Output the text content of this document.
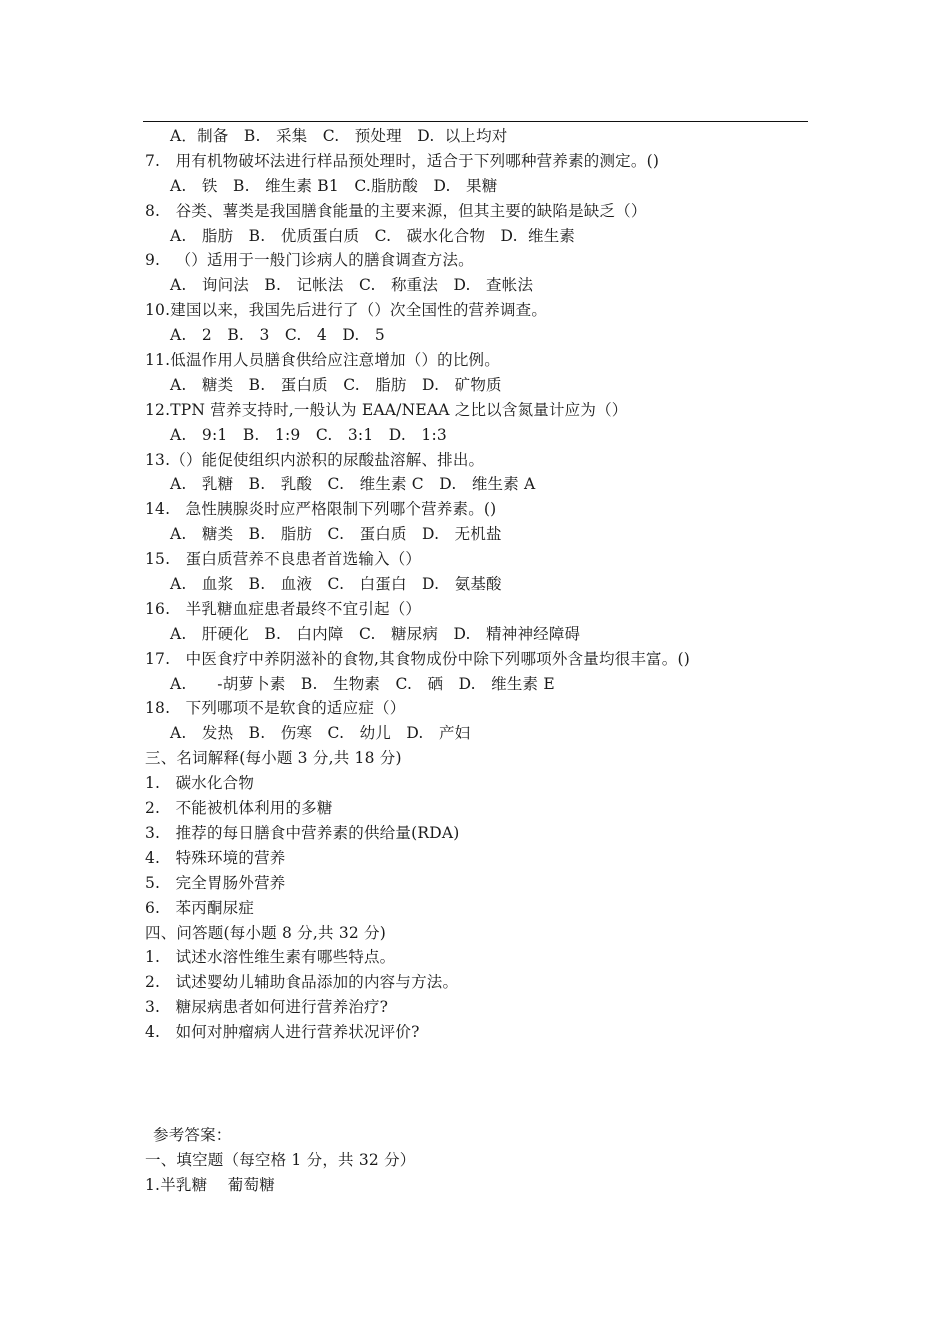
A．制备   B.   采集   C.   预处理   D.  以上均对
7.   用有机物破坏法进行样品预处理时，适合于下列哪种营养素的测定。()
A.   铁   B.   维生素 B1   C.脂肪酸   D.   果糖
8.   谷类、薯类是我国膳食能量的主要来源，但其主要的缺陷是缺乏（）
A.   脂肪   B.   优质蛋白质   C.   碳水化合物   D.  维生素
9.   （）适用于一般门诊病人的膳食调查方法。
A.   询问法   B.   记帐法   C.   称重法   D.   查帐法
10.建国以来，我国先后进行了（）次全国性的营养调查。
A.   2   B.   3   C.   4   D.   5
11.低温作用人员膳食供给应注意增加（）的比例。
A.   糖类   B.   蛋白质   C.   脂肪   D.   矿物质
12.TPN 营养支持时,一般认为 EAA/NEAA 之比以含氮量计应为（）
A.   9:1   B.   1:9   C.   3:1   D.   1:3
13.（）能促使组织内淤积的尿酸盐溶解、排出。
A.   乳糖   B.   乳酸   C.   维生素 C   D.   维生素 A
14.   急性胰腺炎时应严格限制下列哪个营养素。()
A.   糖类   B.   脂肪   C.   蛋白质   D.   无机盐
15.   蛋白质营养不良患者首选输入（）
A.   血浆   B.   血液   C.   白蛋白   D.   氨基酸
16.   半乳糖血症患者最终不宜引起（）
A.   肝硬化   B.   白内障   C.   糖尿病   D.   精神神经障碍
17.   中医食疗中养阴滋补的食物,其食物成份中除下列哪项外含量均很丰富。()
A.      -胡萝卜素   B.   生物素   C.   硒   D.   维生素 E
18.   下列哪项不是软食的适应症（）
A.   发热   B.   伤寒   C.   幼儿   D.   产妇
三、名词解释(每小题 3 分,共 18 分)
1.   碳水化合物
2.   不能被机体利用的多糖
3.   推荐的每日膳食中营养素的供给量(RDA)
4.   特殊环境的营养
5.   完全胃肠外营养
6.   苯丙酮尿症
四、问答题(每小题 8 分,共 32 分)
1.   试述水溶性维生素有哪些特点。
2.   试述婴幼儿辅助食品添加的内容与方法。
3.   糖尿病患者如何进行营养治疗?
4.   如何对肿瘤病人进行营养状况评价?
参考答案：
一、填空题（每空格 1 分，共 32 分）
1.半乳糖    葡萄糖
